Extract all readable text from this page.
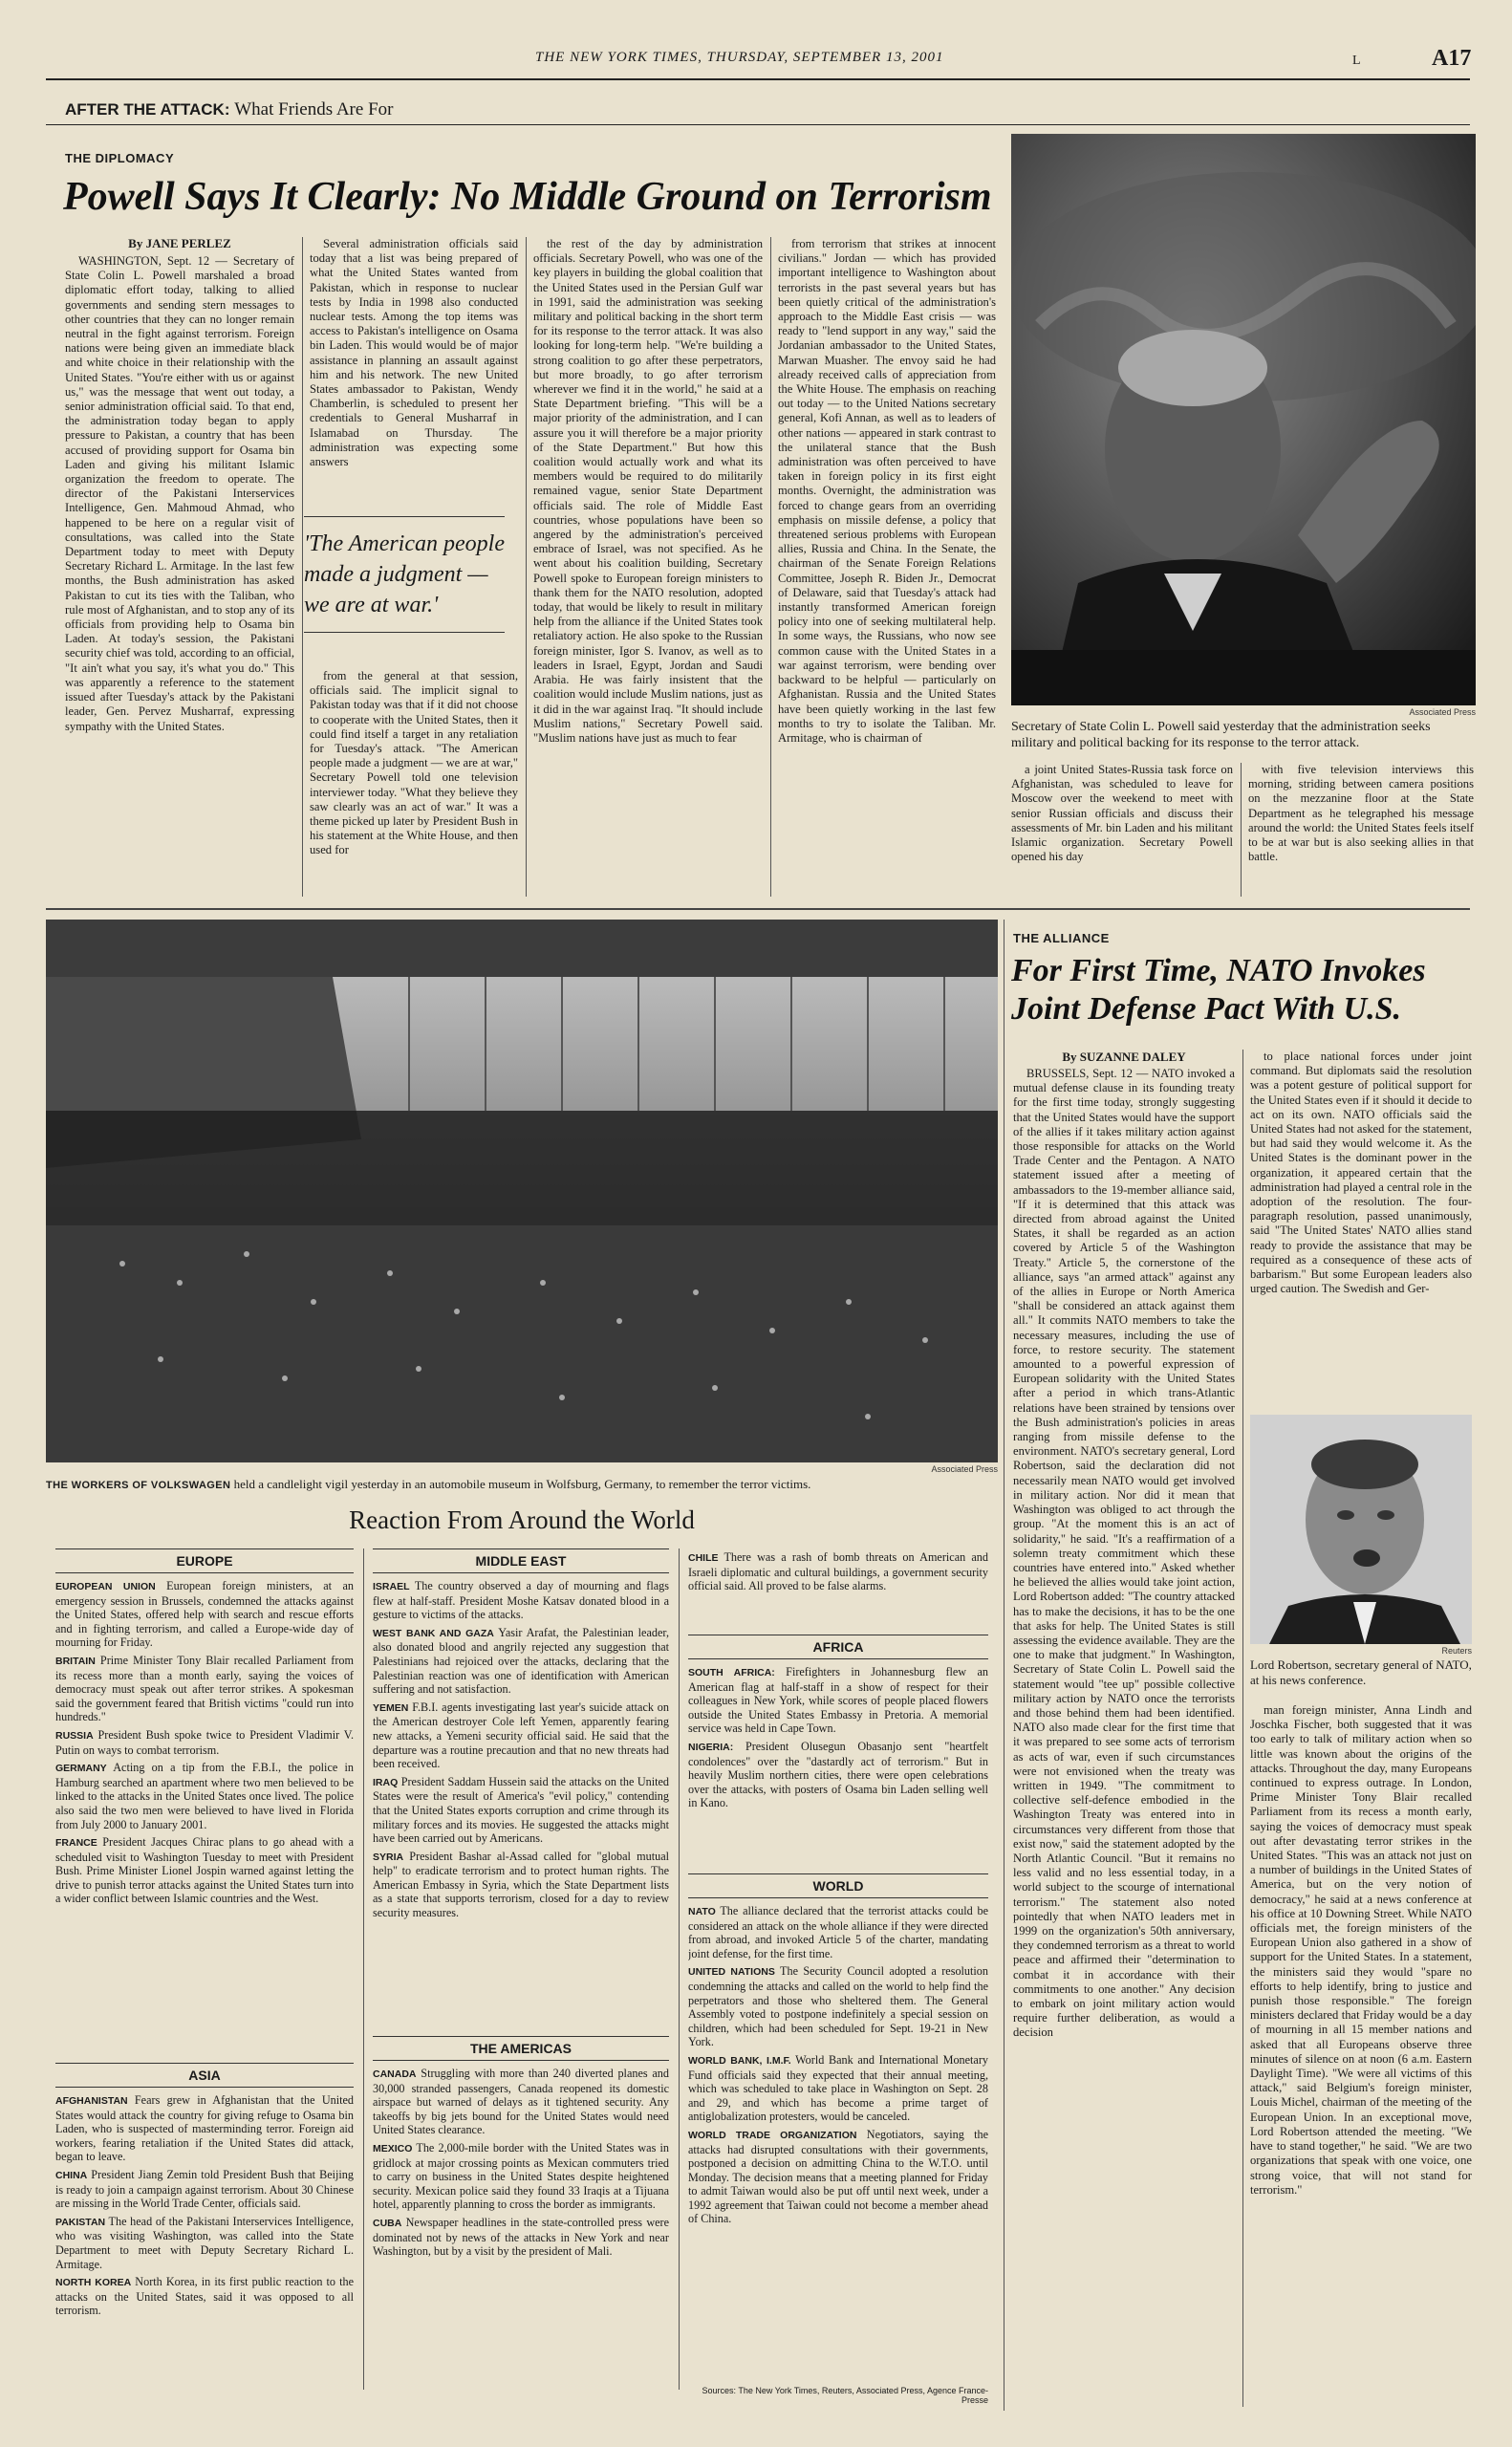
THE NEW YORK TIMES, THURSDAY, SEPTEMBER 13, 2001	L	A17
AFTER THE ATTACK: What Friends Are For
THE DIPLOMACY
Powell Says It Clearly: No Middle Ground on Terrorism
By JANE PERLEZ

WASHINGTON, Sept. 12 — Secretary of State Colin L. Powell marshaled a broad diplomatic effort today, talking to allied governments and sending stern messages to other countries that they can no longer remain neutral in the fight against terrorism. Foreign nations were being given an immediate black and white choice in their relationship with the United States. "You're either with us or against us," was the message that went out today, a senior administration official said. To that end, the administration today began to apply pressure to Pakistan, a country that has been accused of providing support for Osama bin Laden and giving his militant Islamic organization the freedom to operate. The director of the Pakistani Interservices Intelligence, Gen. Mahmoud Ahmad, who happened to be here on a regular visit of consultations, was called into the State Department today to meet with Deputy Secretary Richard L. Armitage. In the last few months, the Bush administration has asked Pakistan to cut its ties with the Taliban, who rule most of Afghanistan, and to stop any of its officials from providing help to Osama bin Laden. At today's session, the Pakistani security chief was told, according to an official, "It ain't what you say, it's what you do." This was apparently a reference to the statement issued after Tuesday's attack by the Pakistani leader, Gen. Pervez Musharraf, expressing sympathy with the United States.

Several administration officials said today that a list was being prepared of what the United States wanted from Pakistan, which in response to nuclear tests by India in 1998 also conducted nuclear tests. Among the top items was access to Pakistan's intelligence on Osama bin Laden. This would would be of major assistance in planning an assault against him and his network. The new United States ambassador to Pakistan, Wendy Chamberlin, is scheduled to present her credentials to General Musharraf in Islamabad on Thursday. The administration was expecting some answers

'The American people made a judgment — we are at war.'

from the general at that session, officials said. The implicit signal to Pakistan today was that if it did not choose to cooperate with the United States, then it could find itself a target in any retaliation for Tuesday's attack. "The American people made a judgment — we are at war," Secretary Powell told one television interviewer today. "What they believe they saw clearly was an act of war." It was a theme picked up later by President Bush in his statement at the White House, and then used for

the rest of the day by administration officials. Secretary Powell, who was one of the key players in building the global coalition that the United States used in the Persian Gulf war in 1991, said the administration was seeking military and political backing in the short term for its response to the terror attack. It was also looking for long-term help. "We're building a strong coalition to go after these perpetrators, but more broadly, to go after terrorism wherever we find it in the world," he said at a State Department briefing. "This will be a major priority of the administration, and I can assure you it will therefore be a major priority of the State Department." But how this coalition would actually work and what its members would be required to do militarily remained vague, senior State Department officials said. The role of Middle East countries, whose populations have been so angered by the administration's perceived embrace of Israel, was not specified. As he went about his coalition building, Secretary Powell spoke to European foreign ministers to thank them for the NATO resolution, adopted today, that would be likely to result in military help from the alliance if the United States took retaliatory action. He also spoke to the Russian foreign minister, Igor S. Ivanov, as well as to leaders in Israel, Egypt, Jordan and Saudi Arabia. He was fairly insistent that the coalition would include Muslim nations, just as it did in the war against Iraq. "It should include Muslim nations," Secretary Powell said. "Muslim nations have just as much to fear

from terrorism that strikes at innocent civilians." Jordan — which has provided important intelligence to Washington about terrorists in the past several years but has been quietly critical of the administration's approach to the Middle East crisis — was ready to "lend support in any way," said the Jordanian ambassador to the United States, Marwan Muasher. The envoy said he had already received calls of appreciation from the White House. The emphasis on reaching out today — to the United Nations secretary general, Kofi Annan, as well as to leaders of other nations — appeared in stark contrast to the unilateral stance that the Bush administration was often perceived to have taken in foreign policy in its first eight months. Overnight, the administration was forced to change gears from an overriding emphasis on missile defense, a policy that threatened serious problems with European allies, Russia and China. In the Senate, the chairman of the Senate Foreign Relations Committee, Joseph R. Biden Jr., Democrat of Delaware, said that Tuesday's attack had instantly transformed American foreign policy into one of seeking multilateral help. In some ways, the Russians, who now see common cause with the United States in a war against terrorism, were bending over backward to be helpful — particularly on Afghanistan. Russia and the United States have been quietly working in the last few months to try to isolate the Taliban. Mr. Armitage, who is chairman of

Associated Press
Secretary of State Colin L. Powell said yesterday that the administration seeks military and political backing for its response to the terror attack.

a joint United States-Russia task force on Afghanistan, was scheduled to leave for Moscow over the weekend to meet with senior Russian officials and discuss their assessments of Mr. bin Laden and his militant Islamic organization. Secretary Powell opened his day

with five television interviews this morning, striding between camera positions on the mezzanine floor at the State Department as he telegraphed his message around the world: the United States feels itself to be at war but is also seeking allies in that battle.

Associated Press
THE WORKERS OF VOLKSWAGEN held a candlelight vigil yesterday in an automobile museum in Wolfsburg, Germany, to remember the terror victims.
Reaction From Around the World
EUROPE

EUROPEAN UNION European foreign ministers, at an emergency session in Brussels, condemned the attacks against the United States, offered help with search and rescue efforts and in fighting terrorism, and called a Europe-wide day of mourning for Friday.

BRITAIN Prime Minister Tony Blair recalled Parliament from its recess more than a month early, saying the voices of democracy must speak out after terror strikes. A spokesman said the government feared that British victims "could run into hundreds."

RUSSIA President Bush spoke twice to President Vladimir V. Putin on ways to combat terrorism.

GERMANY Acting on a tip from the F.B.I., the police in Hamburg searched an apartment where two men believed to be linked to the attacks in the United States once lived. The police also said the two men were believed to have lived in Florida from July 2000 to January 2001.

FRANCE President Jacques Chirac plans to go ahead with a scheduled visit to Washington Tuesday to meet with President Bush. Prime Minister Lionel Jospin warned against letting the drive to punish terror attacks against the United States turn into a wider conflict between Islamic countries and the West.

ASIA

AFGHANISTAN Fears grew in Afghanistan that the United States would attack the country for giving refuge to Osama bin Laden, who is suspected of masterminding terror. Foreign aid workers, fearing retaliation if the United States did attack, began to leave.

CHINA President Jiang Zemin told President Bush that Beijing is ready to join a campaign against terrorism. About 30 Chinese are missing in the World Trade Center, officials said.

PAKISTAN The head of the Pakistani Interservices Intelligence, who was visiting Washington, was called into the State Department to meet with Deputy Secretary Richard L. Armitage.

NORTH KOREA North Korea, in its first public reaction to the attacks on the United States, said it was opposed to all terrorism.

MIDDLE EAST

ISRAEL The country observed a day of mourning and flags flew at half-staff. President Moshe Katsav donated blood in a gesture to victims of the attacks.

WEST BANK AND GAZA Yasir Arafat, the Palestinian leader, also donated blood and angrily rejected any suggestion that Palestinians had rejoiced over the attacks, declaring that the Palestinian reaction was one of identification with American suffering and not satisfaction.

YEMEN F.B.I. agents investigating last year's suicide attack on the American destroyer Cole left Yemen, apparently fearing new attacks, a Yemeni security official said. He said that the departure was a routine precaution and that no new threats had been received.

IRAQ President Saddam Hussein said the attacks on the United States were the result of America's "evil policy," contending that the United States exports corruption and crime through its military forces and its movies. He suggested the attacks might have been carried out by Americans.

SYRIA President Bashar al-Assad called for "global mutual help" to eradicate terrorism and to protect human rights. The American Embassy in Syria, which the State Department lists as a state that supports terrorism, closed for a day to review security measures.

THE AMERICAS

CANADA Struggling with more than 240 diverted planes and 30,000 stranded passengers, Canada reopened its domestic airspace but warned of delays as it tightened security. Any takeoffs by big jets bound for the United States would need United States clearance.

MEXICO The 2,000-mile border with the United States was in gridlock at major crossing points as Mexican commuters tried to carry on business in the United States despite heightened security. Mexican police said they found 33 Iraqis at a Tijuana hotel, apparently planning to cross the border as immigrants.

CUBA Newspaper headlines in the state-controlled press were dominated not by news of the attacks in New York and near Washington, but by a visit by the president of Mali.

CHILE There was a rash of bomb threats on American and Israeli diplomatic and cultural buildings, a government security official said. All proved to be false alarms.

AFRICA

SOUTH AFRICA: Firefighters in Johannesburg flew an American flag at half-staff in a show of respect for their colleagues in New York, while scores of people placed flowers outside the United States Embassy in Pretoria. A memorial service was held in Cape Town.

NIGERIA: President Olusegun Obasanjo sent "heartfelt condolences" over the "dastardly act of terrorism." But in heavily Muslim northern cities, there were open celebrations over the attacks, with posters of Osama bin Laden selling well in Kano.

WORLD

NATO The alliance declared that the terrorist attacks could be considered an attack on the whole alliance if they were directed from abroad, and invoked Article 5 of the charter, mandating joint defense, for the first time.

UNITED NATIONS The Security Council adopted a resolution condemning the attacks and called on the world to help find the perpetrators and those who sheltered them. The General Assembly voted to postpone indefinitely a special session on children, which had been scheduled for Sept. 19-21 in New York.

WORLD BANK, I.M.F. World Bank and International Monetary Fund officials said they expected that their annual meeting, which was scheduled to take place in Washington on Sept. 28 and 29, and which has become a prime target of antiglobalization protesters, would be canceled.

WORLD TRADE ORGANIZATION Negotiators, saying the attacks had disrupted consultations with their governments, postponed a decision on admitting China to the W.T.O. until Monday. The decision means that a meeting planned for Friday to admit Taiwan would also be put off until next week, under a 1992 agreement that Taiwan could not become a member ahead of China.

Sources: The New York Times, Reuters, Associated Press, Agence France-Presse
THE ALLIANCE
For First Time, NATO Invokes Joint Defense Pact With U.S.
By SUZANNE DALEY

BRUSSELS, Sept. 12 — NATO invoked a mutual defense clause in its founding treaty for the first time today, strongly suggesting that the United States would have the support of the allies if it takes military action against those responsible for attacks on the World Trade Center and the Pentagon. A NATO statement issued after a meeting of ambassadors to the 19-member alliance said, "If it is determined that this attack was directed from abroad against the United States, it shall be regarded as an action covered by Article 5 of the Washington Treaty." Article 5, the cornerstone of the alliance, says "an armed attack" against any of the allies in Europe or North America "shall be considered an attack against them all." It commits NATO members to take the necessary measures, including the use of force, to restore security. The statement amounted to a powerful expression of European solidarity with the United States after a period in which trans-Atlantic relations have been strained by tensions over the Bush administration's policies in areas ranging from missile defense to the environment. NATO's secretary general, Lord Robertson, said the declaration did not necessarily mean NATO would get involved in military action. Nor did it mean that Washington was obliged to act through the group. "At the moment this is an act of solidarity," he said. "It's a reaffirmation of a solemn treaty commitment which these countries have entered into." Asked whether he believed the allies would take joint action, Lord Robertson added: "The country attacked has to make the decisions, it has to be the one that asks for help. The United States is still assessing the evidence available. They are the one to make that judgment." In Washington, Secretary of State Colin L. Powell said the statement would "tee up" possible collective military action by NATO once the terrorists and those behind them had been identified. NATO also made clear for the first time that it was prepared to see some acts of terrorism as acts of war, even if such circumstances were not envisioned when the treaty was written in 1949. "The commitment to collective self-defence embodied in the Washington Treaty was entered into in circumstances very different from those that exist now," said the statement adopted by the North Atlantic Council. "But it remains no less valid and no less essential today, in a world subject to the scourge of international terrorism." The statement also noted pointedly that when NATO leaders met in 1999 on the organization's 50th anniversary, they condemned terrorism as a threat to world peace and affirmed their "determination to combat it in accordance with their commitments to one another." Any decision to embark on joint military action would require further deliberation, as would a decision

to place national forces under joint command. But diplomats said the resolution was a potent gesture of political support for the United States even if it should it decide to act on its own. NATO officials said the United States had not asked for the statement, but had said they would welcome it. As the United States is the dominant power in the organization, it appeared certain that the administration had played a central role in the adoption of the resolution. The four-paragraph resolution, passed unanimously, said "The United States' NATO allies stand ready to provide the assistance that may be required as a consequence of these acts of barbarism." But some European leaders also urged caution. The Swedish and Ger-

Reuters
Lord Robertson, secretary general of NATO, at his news conference.

man foreign minister, Anna Lindh and Joschka Fischer, both suggested that it was too early to talk of military action when so little was known about the origins of the attacks. Throughout the day, many Europeans continued to express outrage. In London, Prime Minister Tony Blair recalled Parliament from its recess a month early, saying the voices of democracy must speak out after devastating terror strikes in the United States. "This was an attack not just on a number of buildings in the United States of America, but on the very notion of democracy," he said at a news conference at his office at 10 Downing Street. While NATO officials met, the foreign ministers of the European Union also gathered in a show of support for the United States. In a statement, the ministers said they would "spare no efforts to help identify, bring to justice and punish those responsible." The foreign ministers declared that Friday would be a day of mourning in all 15 member nations and asked that all Europeans observe three minutes of silence on at noon (6 a.m. Eastern Daylight Time). "We were all victims of this attack," said Belgium's foreign minister, Louis Michel, chairman of the meeting of the European Union. In an exceptional move, Lord Robertson attended the meeting. "We have to stand together," he said. "We are two organizations that speak with one voice, one strong voice, that will not stand for terrorism."
